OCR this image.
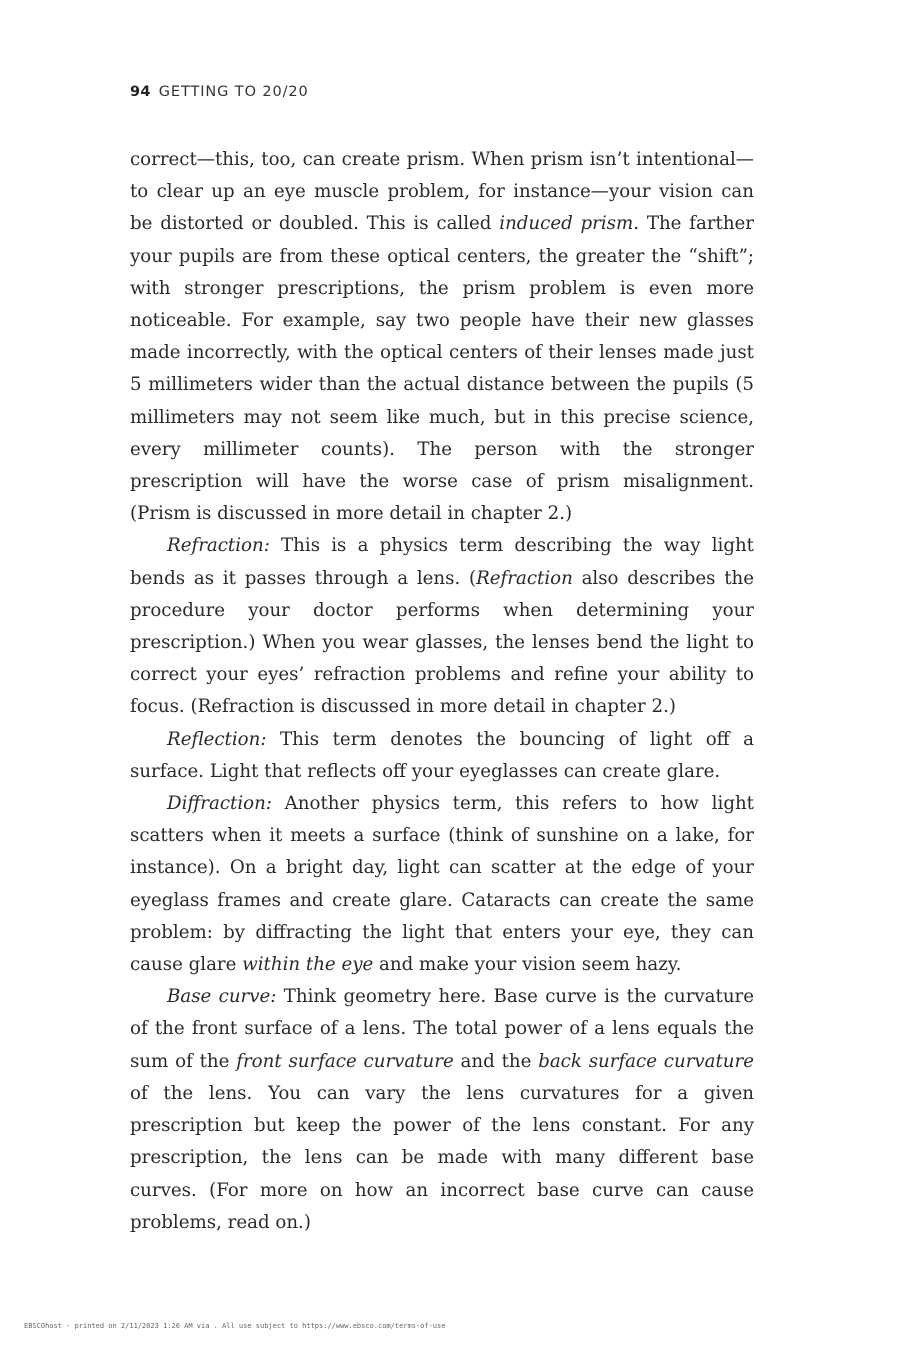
94 GETTING TO 20/20

correct—this, too, can create prism. When prism isn’t intentional—to clear up an eye muscle problem, for instance—your vision can be distorted or doubled. This is called induced prism. The farther your pupils are from these optical centers, the greater the “shift”; with stronger prescriptions, the prism problem is even more noticeable. For example, say two people have their new glasses made incorrectly, with the optical centers of their lenses made just 5 millimeters wider than the actual distance between the pupils (5 millimeters may not seem like much, but in this precise science, every millimeter counts). The person with the stronger prescription will have the worse case of prism misalignment. (Prism is discussed in more detail in chapter 2.)

Refraction: This is a physics term describing the way light bends as it passes through a lens. (Refraction also describes the procedure your doctor performs when determining your prescription.) When you wear glasses, the lenses bend the light to correct your eyes’ refraction problems and refine your ability to focus. (Refraction is discussed in more detail in chapter 2.)

Reflection: This term denotes the bouncing of light off a surface. Light that reflects off your eyeglasses can create glare.

Diffraction: Another physics term, this refers to how light scatters when it meets a surface (think of sunshine on a lake, for instance). On a bright day, light can scatter at the edge of your eyeglass frames and create glare. Cataracts can create the same problem: by diffracting the light that enters your eye, they can cause glare within the eye and make your vision seem hazy.

Base curve: Think geometry here. Base curve is the curvature of the front surface of a lens. The total power of a lens equals the sum of the front surface curvature and the back surface curvature of the lens. You can vary the lens curvatures for a given prescription but keep the power of the lens constant. For any prescription, the lens can be made with many different base curves. (For more on how an incorrect base curve can cause problems, read on.)

EBSCOhost - printed on 2/11/2023 1:26 AM via . All use subject to https://www.ebsco.com/terms-of-use
